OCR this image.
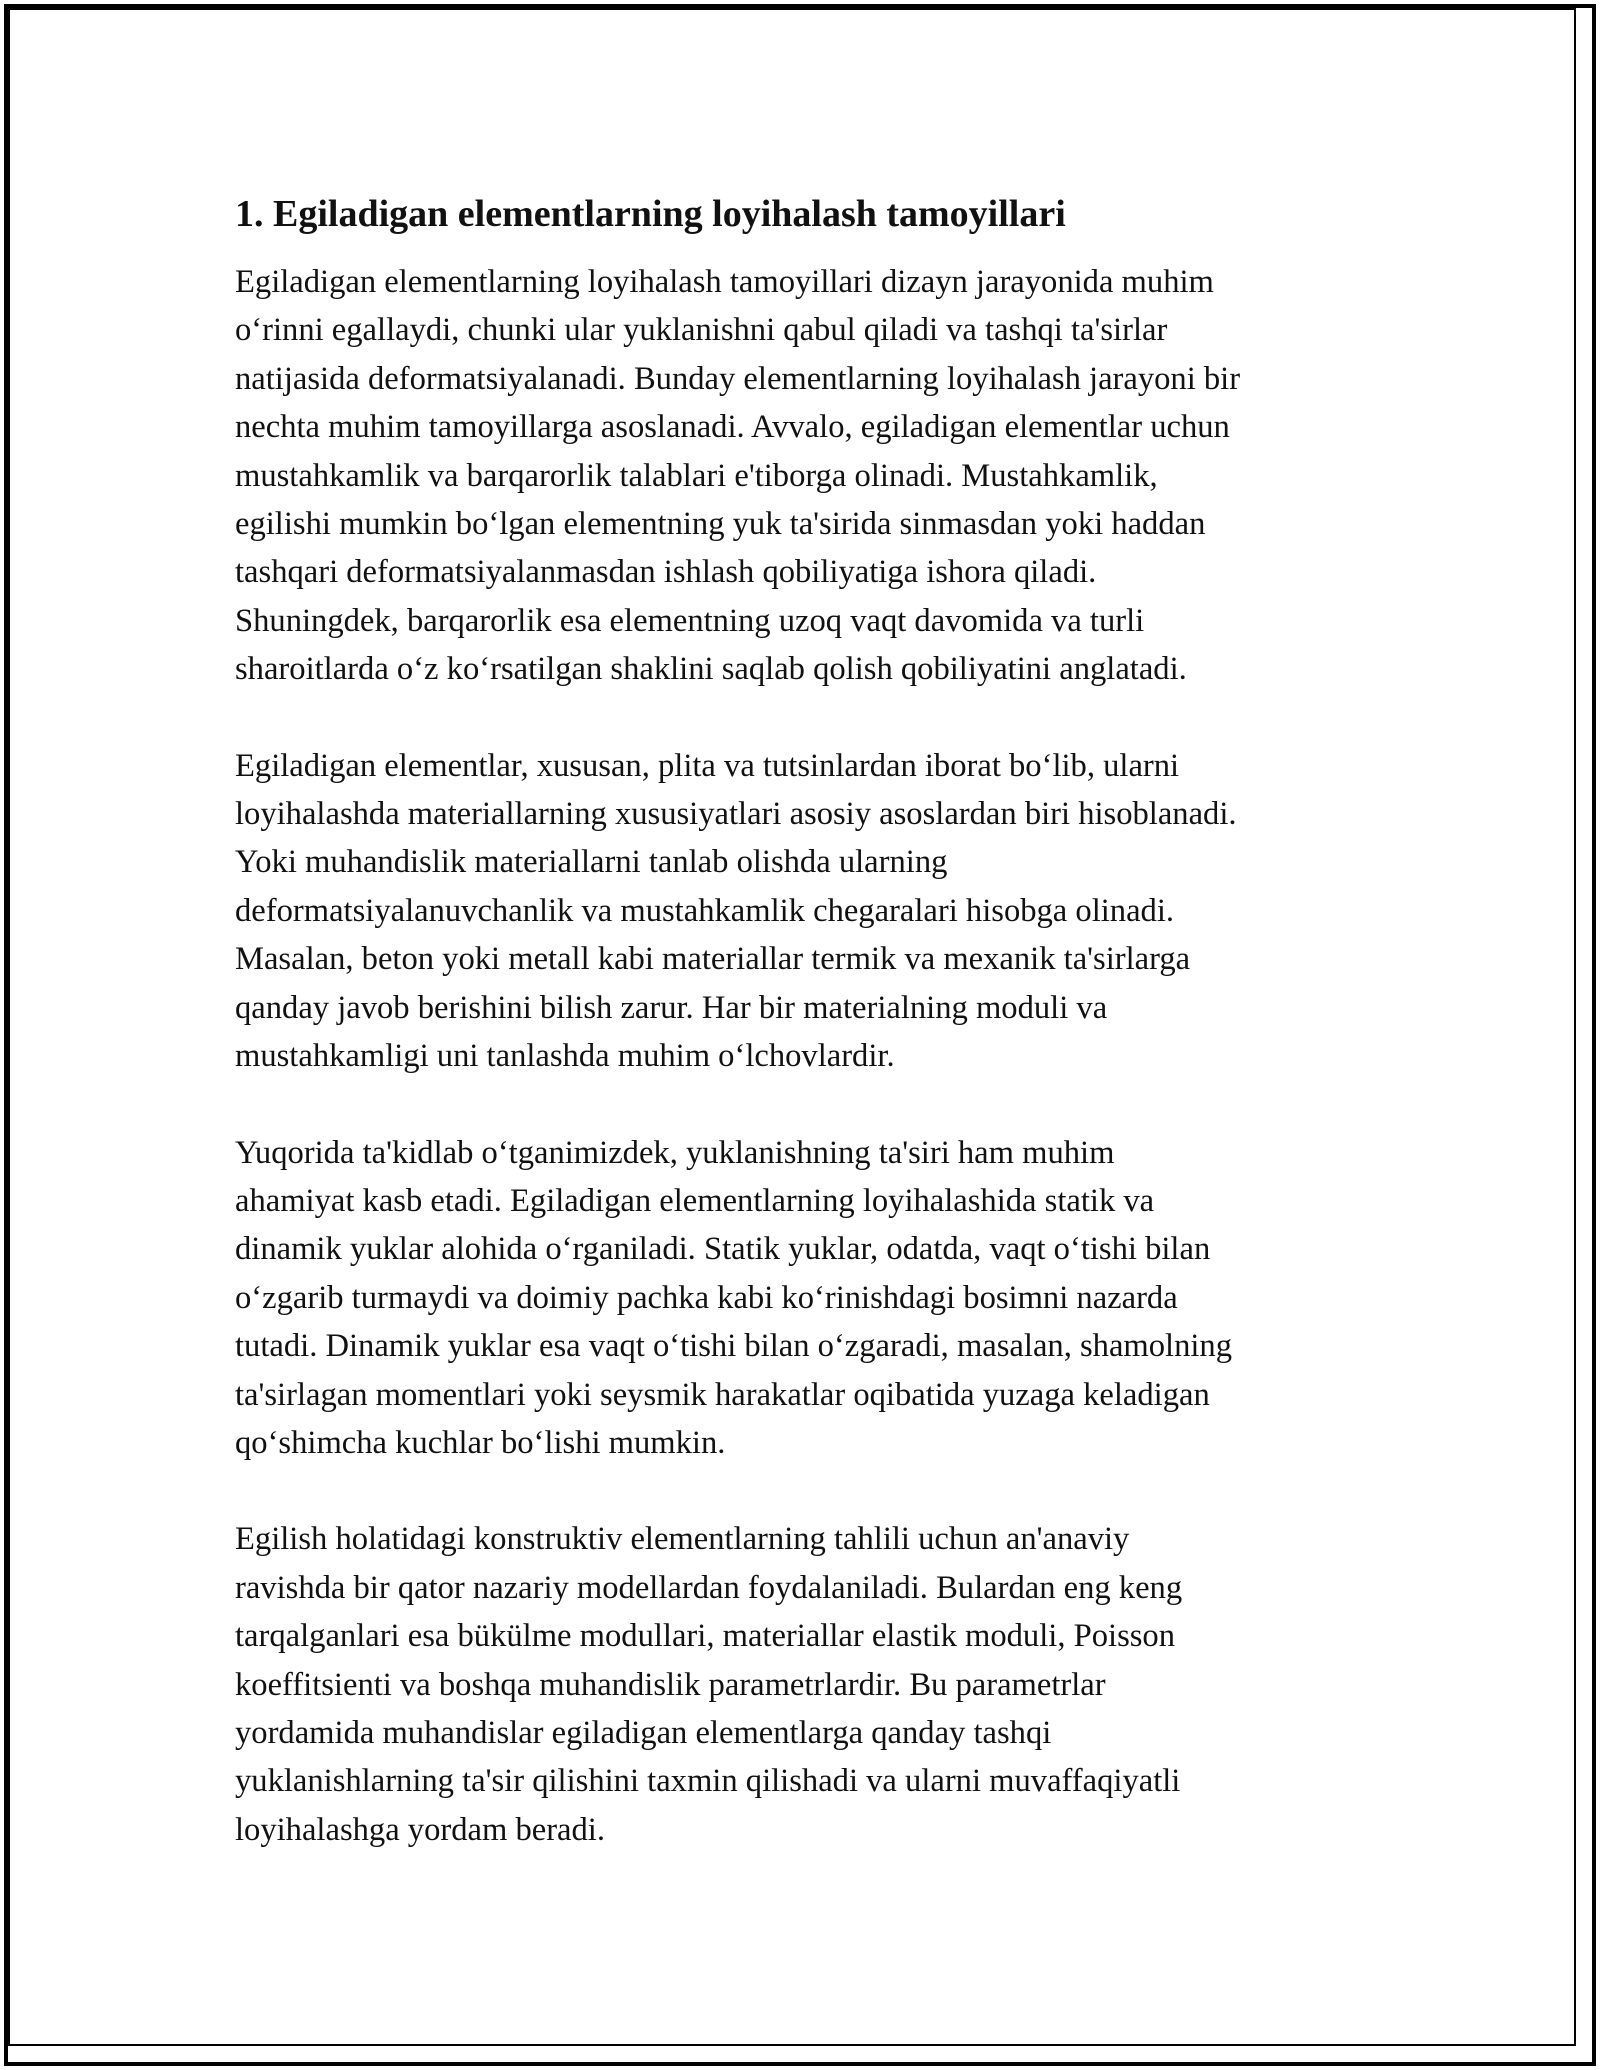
1. Egiladigan elementlarning loyihalash tamoyillari

Egiladigan elementlarning loyihalash tamoyillari dizayn jarayonida muhim
o‘rinni egallaydi, chunki ular yuklanishni qabul qiladi va tashqi ta'sirlar
natijasida deformatsiyalanadi. Bunday elementlarning loyihalash jarayoni bir
nechta muhim tamoyillarga asoslanadi. Avvalo, egiladigan elementlar uchun
mustahkamlik va barqarorlik talablari e'tiborga olinadi. Mustahkamlik,
egilishi mumkin bo‘lgan elementning yuk ta'sirida sinmasdan yoki haddan
tashqari deformatsiyalanmasdan ishlash qobiliyatiga ishora qiladi.
Shuningdek, barqarorlik esa elementning uzoq vaqt davomida va turli
sharoitlarda o‘z ko‘rsatilgan shaklini saqlab qolish qobiliyatini anglatadi.

Egiladigan elementlar, xususan, plita va tutsinlardan iborat bo‘lib, ularni
loyihalashda materiallarning xususiyatlari asosiy asoslardan biri hisoblanadi.
Yoki muhandislik materiallarni tanlab olishda ularning
deformatsiyalanuvchanlik va mustahkamlik chegaralari hisobga olinadi.
Masalan, beton yoki metall kabi materiallar termik va mexanik ta'sirlarga
qanday javob berishini bilish zarur. Har bir materialning moduli va
mustahkamligi uni tanlashda muhim o‘lchovlardir.

Yuqorida ta'kidlab o‘tganimizdek, yuklanishning ta'siri ham muhim
ahamiyat kasb etadi. Egiladigan elementlarning loyihalashida statik va
dinamik yuklar alohida o‘rganiladi. Statik yuklar, odatda, vaqt o‘tishi bilan
o‘zgarib turmaydi va doimiy pachka kabi ko‘rinishdagi bosimni nazarda
tutadi. Dinamik yuklar esa vaqt o‘tishi bilan o‘zgaradi, masalan, shamolning
ta'sirlagan momentlari yoki seysmik harakatlar oqibatida yuzaga keladigan
qo‘shimcha kuchlar bo‘lishi mumkin.

Egilish holatidagi konstruktiv elementlarning tahlili uchun an'anaviy
ravishda bir qator nazariy modellardan foydalaniladi. Bulardan eng keng
tarqalganlari esa bükülme modullari, materiallar elastik moduli, Poisson
koeffitsienti va boshqa muhandislik parametrlardir. Bu parametrlar
yordamida muhandislar egiladigan elementlarga qanday tashqi
yuklanishlarning ta'sir qilishini taxmin qilishadi va ularni muvaffaqiyatli
loyihalashga yordam beradi.
